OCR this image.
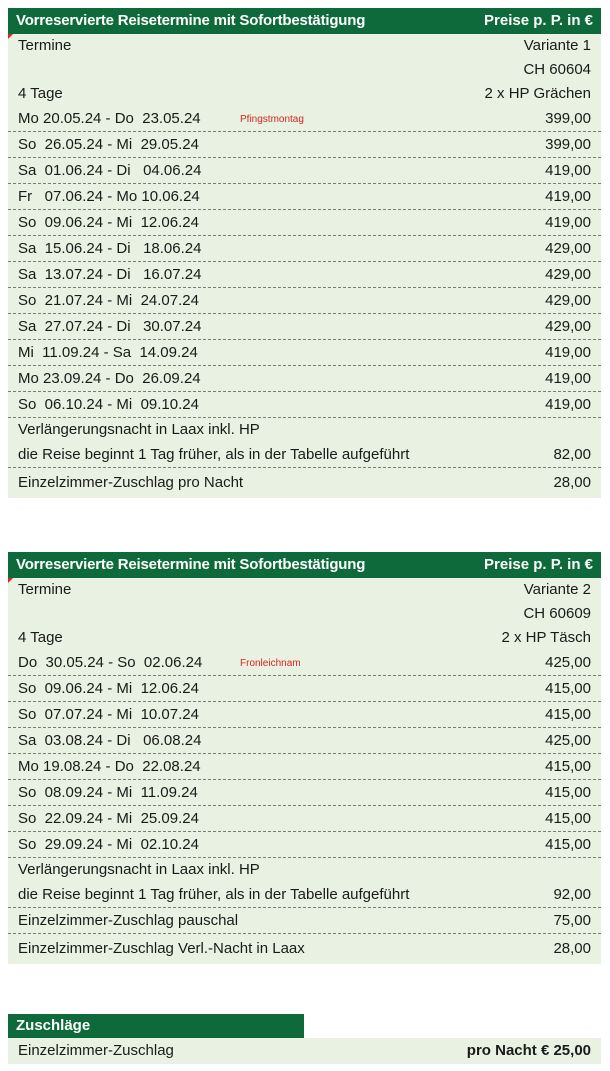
Vorreservierte Reisetermine mit Sofortbestätigung	Preise p. P. in €
Termine	Variante 1
CH 60604
4 Tage	2 x HP Grächen
Mo 20.05.24 - Do  23.05.24	Pfingstmontag	399,00
So  26.05.24 - Mi  29.05.24	399,00
Sa  01.06.24 - Di   04.06.24	419,00
Fr   07.06.24 - Mo 10.06.24	419,00
So  09.06.24 - Mi  12.06.24	419,00
Sa  15.06.24 - Di   18.06.24	429,00
Sa  13.07.24 - Di   16.07.24	429,00
So  21.07.24 - Mi  24.07.24	429,00
Sa  27.07.24 - Di   30.07.24	429,00
Mi  11.09.24 - Sa  14.09.24	419,00
Mo 23.09.24 - Do  26.09.24	419,00
So  06.10.24 - Mi  09.10.24	419,00
Verlängerungsnacht in Laax inkl. HP
die Reise beginnt 1 Tag früher, als in der Tabelle aufgeführt	82,00
Einzelzimmer-Zuschlag pro Nacht	28,00
Vorreservierte Reisetermine mit Sofortbestätigung	Preise p. P. in €
Termine	Variante 2
CH 60609
4 Tage	2 x HP Täsch
Do  30.05.24 - So  02.06.24	Fronleichnam	425,00
So  09.06.24 - Mi  12.06.24	415,00
So  07.07.24 - Mi  10.07.24	415,00
Sa  03.08.24 - Di   06.08.24	425,00
Mo 19.08.24 - Do  22.08.24	415,00
So  08.09.24 - Mi  11.09.24	415,00
So  22.09.24 - Mi  25.09.24	415,00
So  29.09.24 - Mi  02.10.24	415,00
Verlängerungsnacht in Laax inkl. HP
die Reise beginnt 1 Tag früher, als in der Tabelle aufgeführt	92,00
Einzelzimmer-Zuschlag pauschal	75,00
Einzelzimmer-Zuschlag Verl.-Nacht in Laax	28,00
Zuschläge
Einzelzimmer-Zuschlag	pro Nacht € 25,00
